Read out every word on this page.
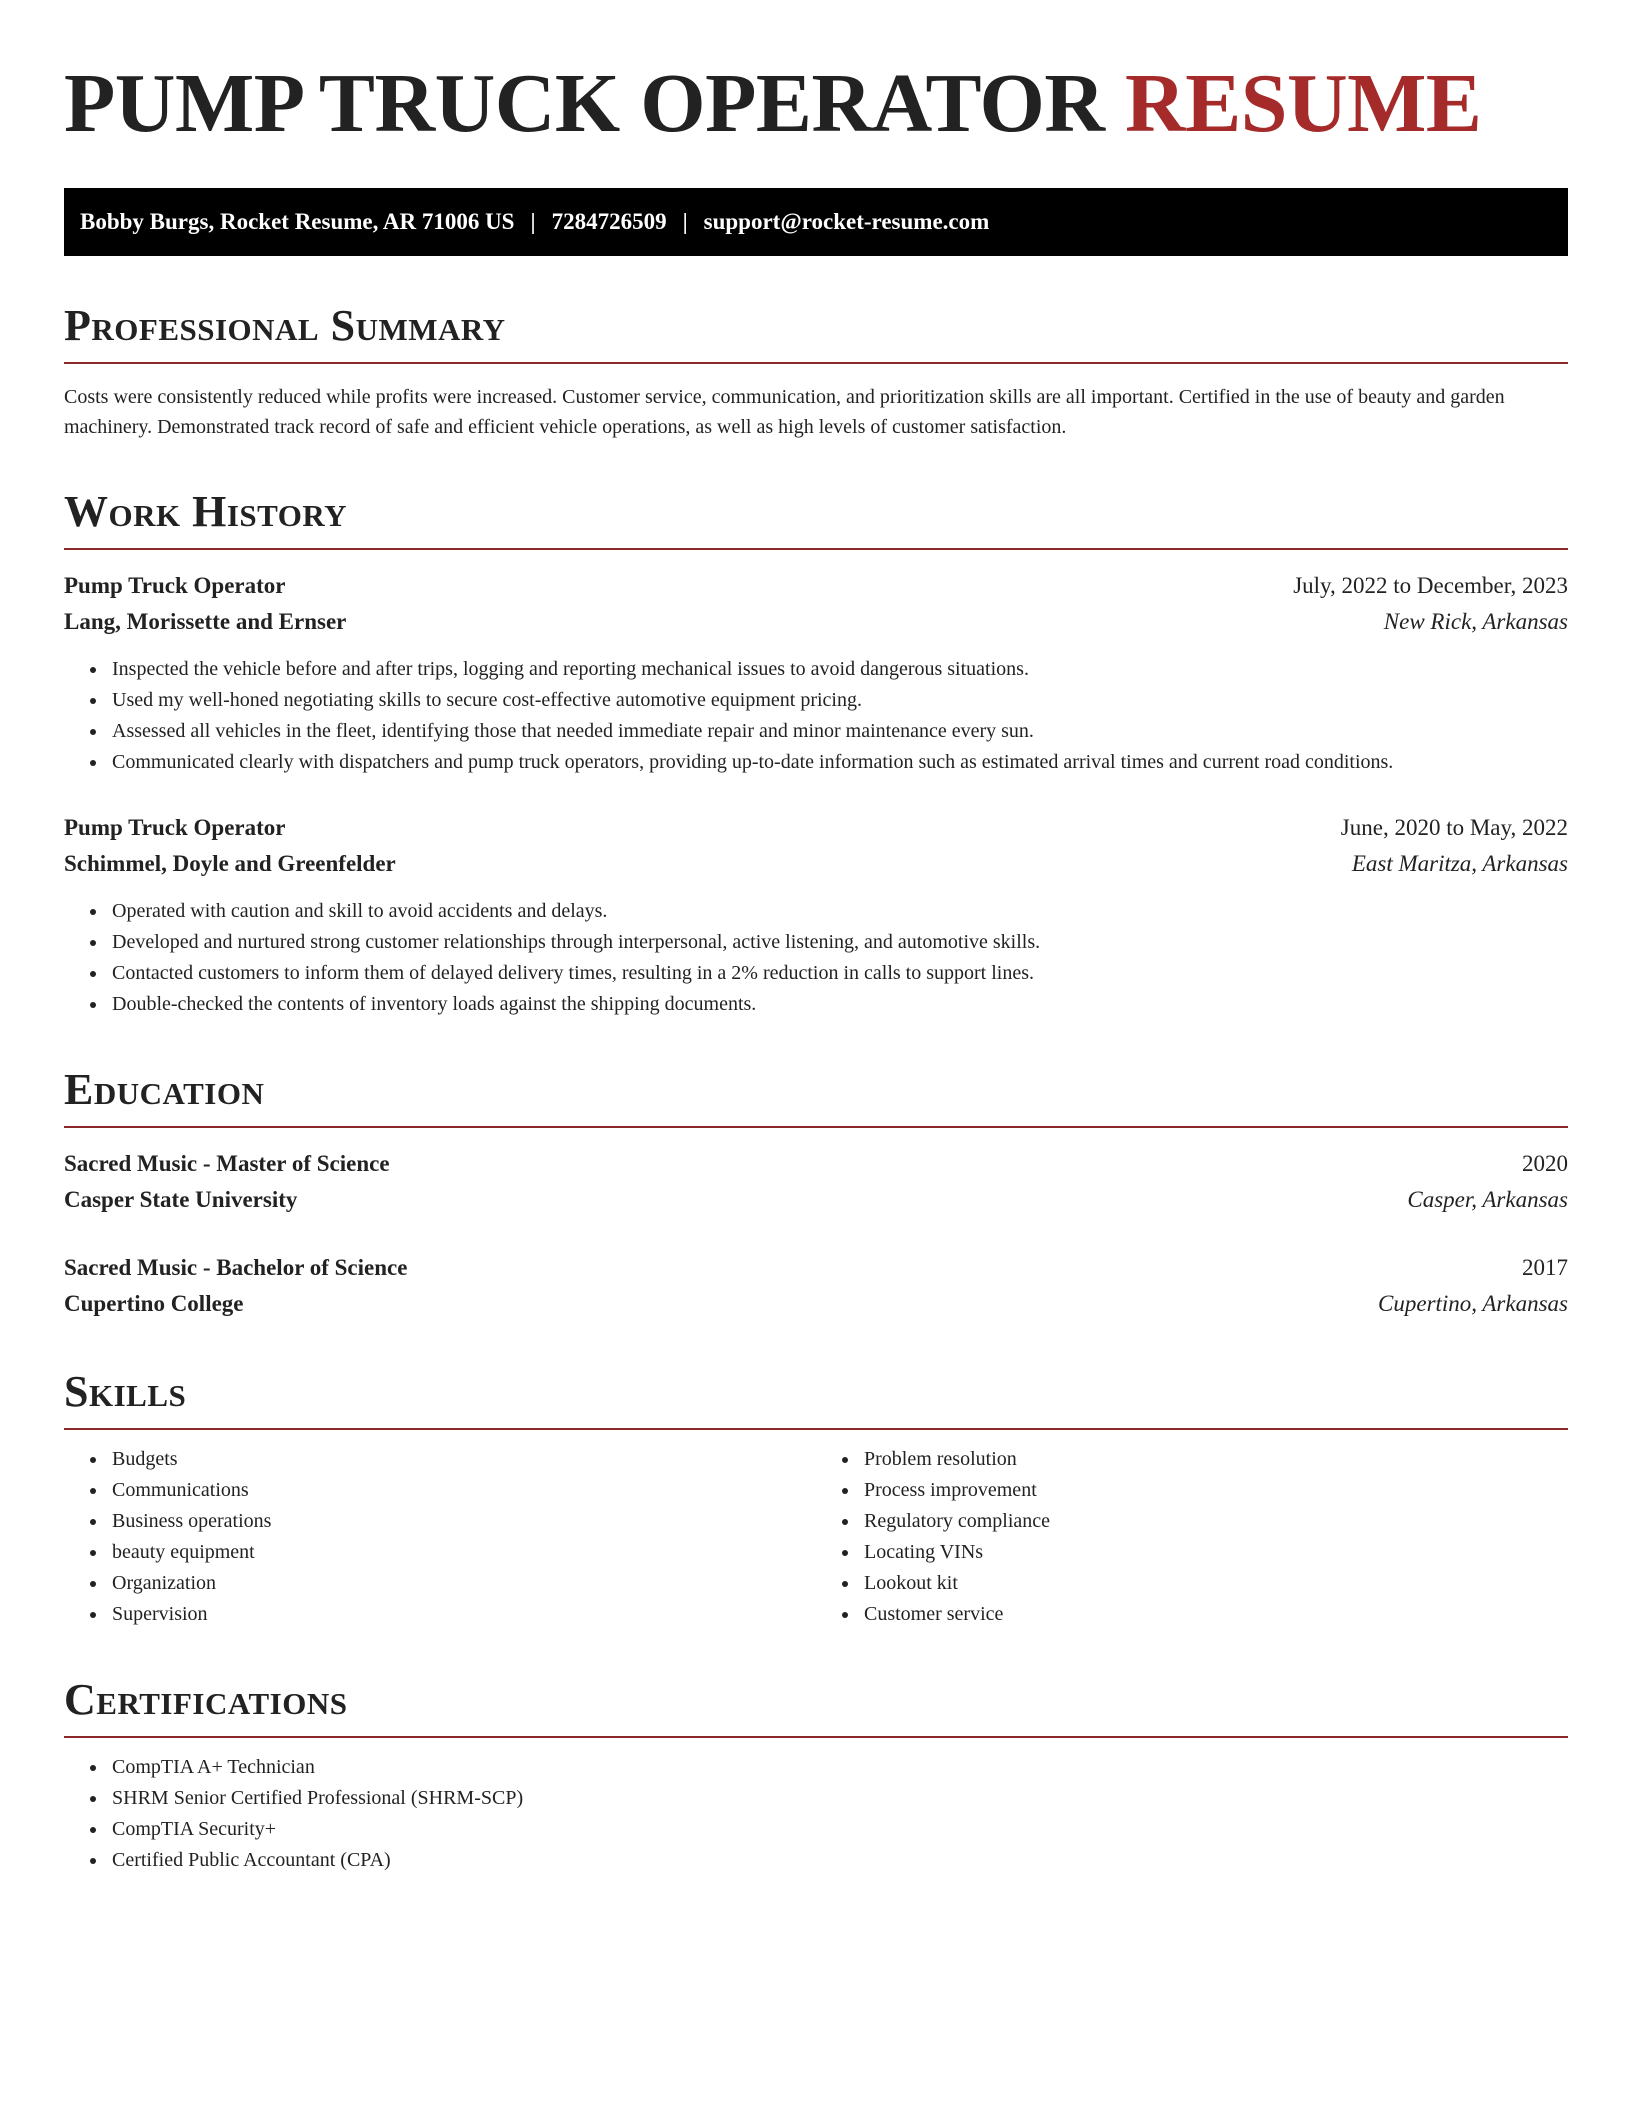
PUMP TRUCK OPERATOR RESUME
Bobby Burgs, Rocket Resume, AR 71006 US | 7284726509 | support@rocket-resume.com
Professional Summary

Costs were consistently reduced while profits were increased. Customer service, communication, and prioritization skills are all important. Certified in the use of beauty and garden machinery. Demonstrated track record of safe and efficient vehicle operations, as well as high levels of customer satisfaction.

Work History
Pump Truck Operator	July, 2022 to December, 2023
Lang, Morissette and Ernser	New Rick, Arkansas
• Inspected the vehicle before and after trips, logging and reporting mechanical issues to avoid dangerous situations.
• Used my well-honed negotiating skills to secure cost-effective automotive equipment pricing.
• Assessed all vehicles in the fleet, identifying those that needed immediate repair and minor maintenance every sun.
• Communicated clearly with dispatchers and pump truck operators, providing up-to-date information such as estimated arrival times and current road conditions.
Pump Truck Operator	June, 2020 to May, 2022
Schimmel, Doyle and Greenfelder	East Maritza, Arkansas
• Operated with caution and skill to avoid accidents and delays.
• Developed and nurtured strong customer relationships through interpersonal, active listening, and automotive skills.
• Contacted customers to inform them of delayed delivery times, resulting in a 2% reduction in calls to support lines.
• Double-checked the contents of inventory loads against the shipping documents.
Education
Sacred Music - Master of Science	2020
Casper State University	Casper, Arkansas
Sacred Music - Bachelor of Science	2017
Cupertino College	Cupertino, Arkansas
Skills
• Budgets
• Communications
• Business operations
• beauty equipment
• Organization
• Supervision
• Problem resolution
• Process improvement
• Regulatory compliance
• Locating VINs
• Lookout kit
• Customer service
Certifications
• CompTIA A+ Technician
• SHRM Senior Certified Professional (SHRM-SCP)
• CompTIA Security+
• Certified Public Accountant (CPA)
